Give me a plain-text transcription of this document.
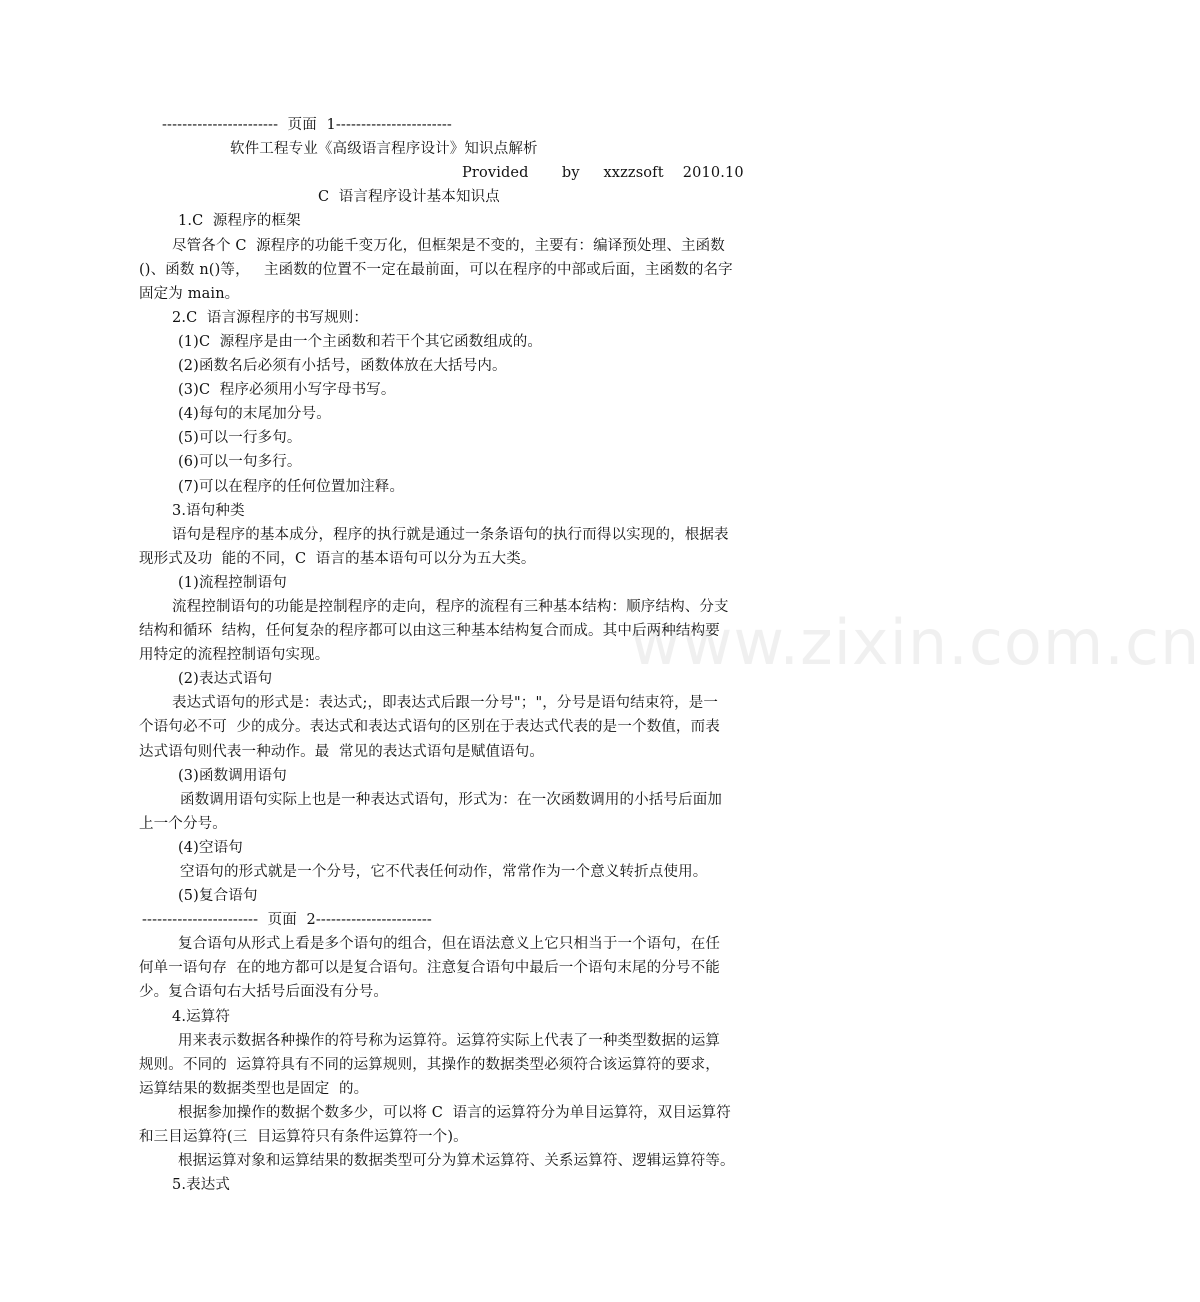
www.zixin.com.cn
-----------------------  页面  1-----------------------
软件工程专业《高级语言程序设计》知识点解析
Provided       by     xxzzsoft    2010.10
C  语言程序设计基本知识点
1.C  源程序的框架
尽管各个 C  源程序的功能千变万化，但框架是不变的，主要有：编译预处理、主函数
()、函数 n()等，   主函数的位置不一定在最前面，可以在程序的中部或后面，主函数的名字
固定为 main。
2.C  语言源程序的书写规则：
(1)C  源程序是由一个主函数和若干个其它函数组成的。
(2)函数名后必须有小括号，函数体放在大括号内。
(3)C  程序必须用小写字母书写。
(4)每句的末尾加分号。
(5)可以一行多句。
(6)可以一句多行。
(7)可以在程序的任何位置加注释。
3.语句种类
语句是程序的基本成分，程序的执行就是通过一条条语句的执行而得以实现的，根据表
现形式及功  能的不同，C  语言的基本语句可以分为五大类。
(1)流程控制语句
流程控制语句的功能是控制程序的走向，程序的流程有三种基本结构：顺序结构、分支
结构和循环  结构，任何复杂的程序都可以由这三种基本结构复合而成。其中后两种结构要
用特定的流程控制语句实现。
(2)表达式语句
表达式语句的形式是：表达式;，即表达式后跟一分号"；"，分号是语句结束符，是一
个语句必不可  少的成分。表达式和表达式语句的区别在于表达式代表的是一个数值，而表
达式语句则代表一种动作。最  常见的表达式语句是赋值语句。
(3)函数调用语句
函数调用语句实际上也是一种表达式语句，形式为：在一次函数调用的小括号后面加
上一个分号。
(4)空语句
空语句的形式就是一个分号，它不代表任何动作，常常作为一个意义转折点使用。
(5)复合语句
-----------------------  页面  2-----------------------
复合语句从形式上看是多个语句的组合，但在语法意义上它只相当于一个语句，在任
何单一语句存  在的地方都可以是复合语句。注意复合语句中最后一个语句末尾的分号不能
少。复合语句右大括号后面没有分号。
4.运算符
用来表示数据各种操作的符号称为运算符。运算符实际上代表了一种类型数据的运算
规则。不同的  运算符具有不同的运算规则，其操作的数据类型必须符合该运算符的要求，
运算结果的数据类型也是固定  的。
根据参加操作的数据个数多少，可以将 C  语言的运算符分为单目运算符，双目运算符
和三目运算符(三  目运算符只有条件运算符一个)。
根据运算对象和运算结果的数据类型可分为算术运算符、关系运算符、逻辑运算符等。
5.表达式
